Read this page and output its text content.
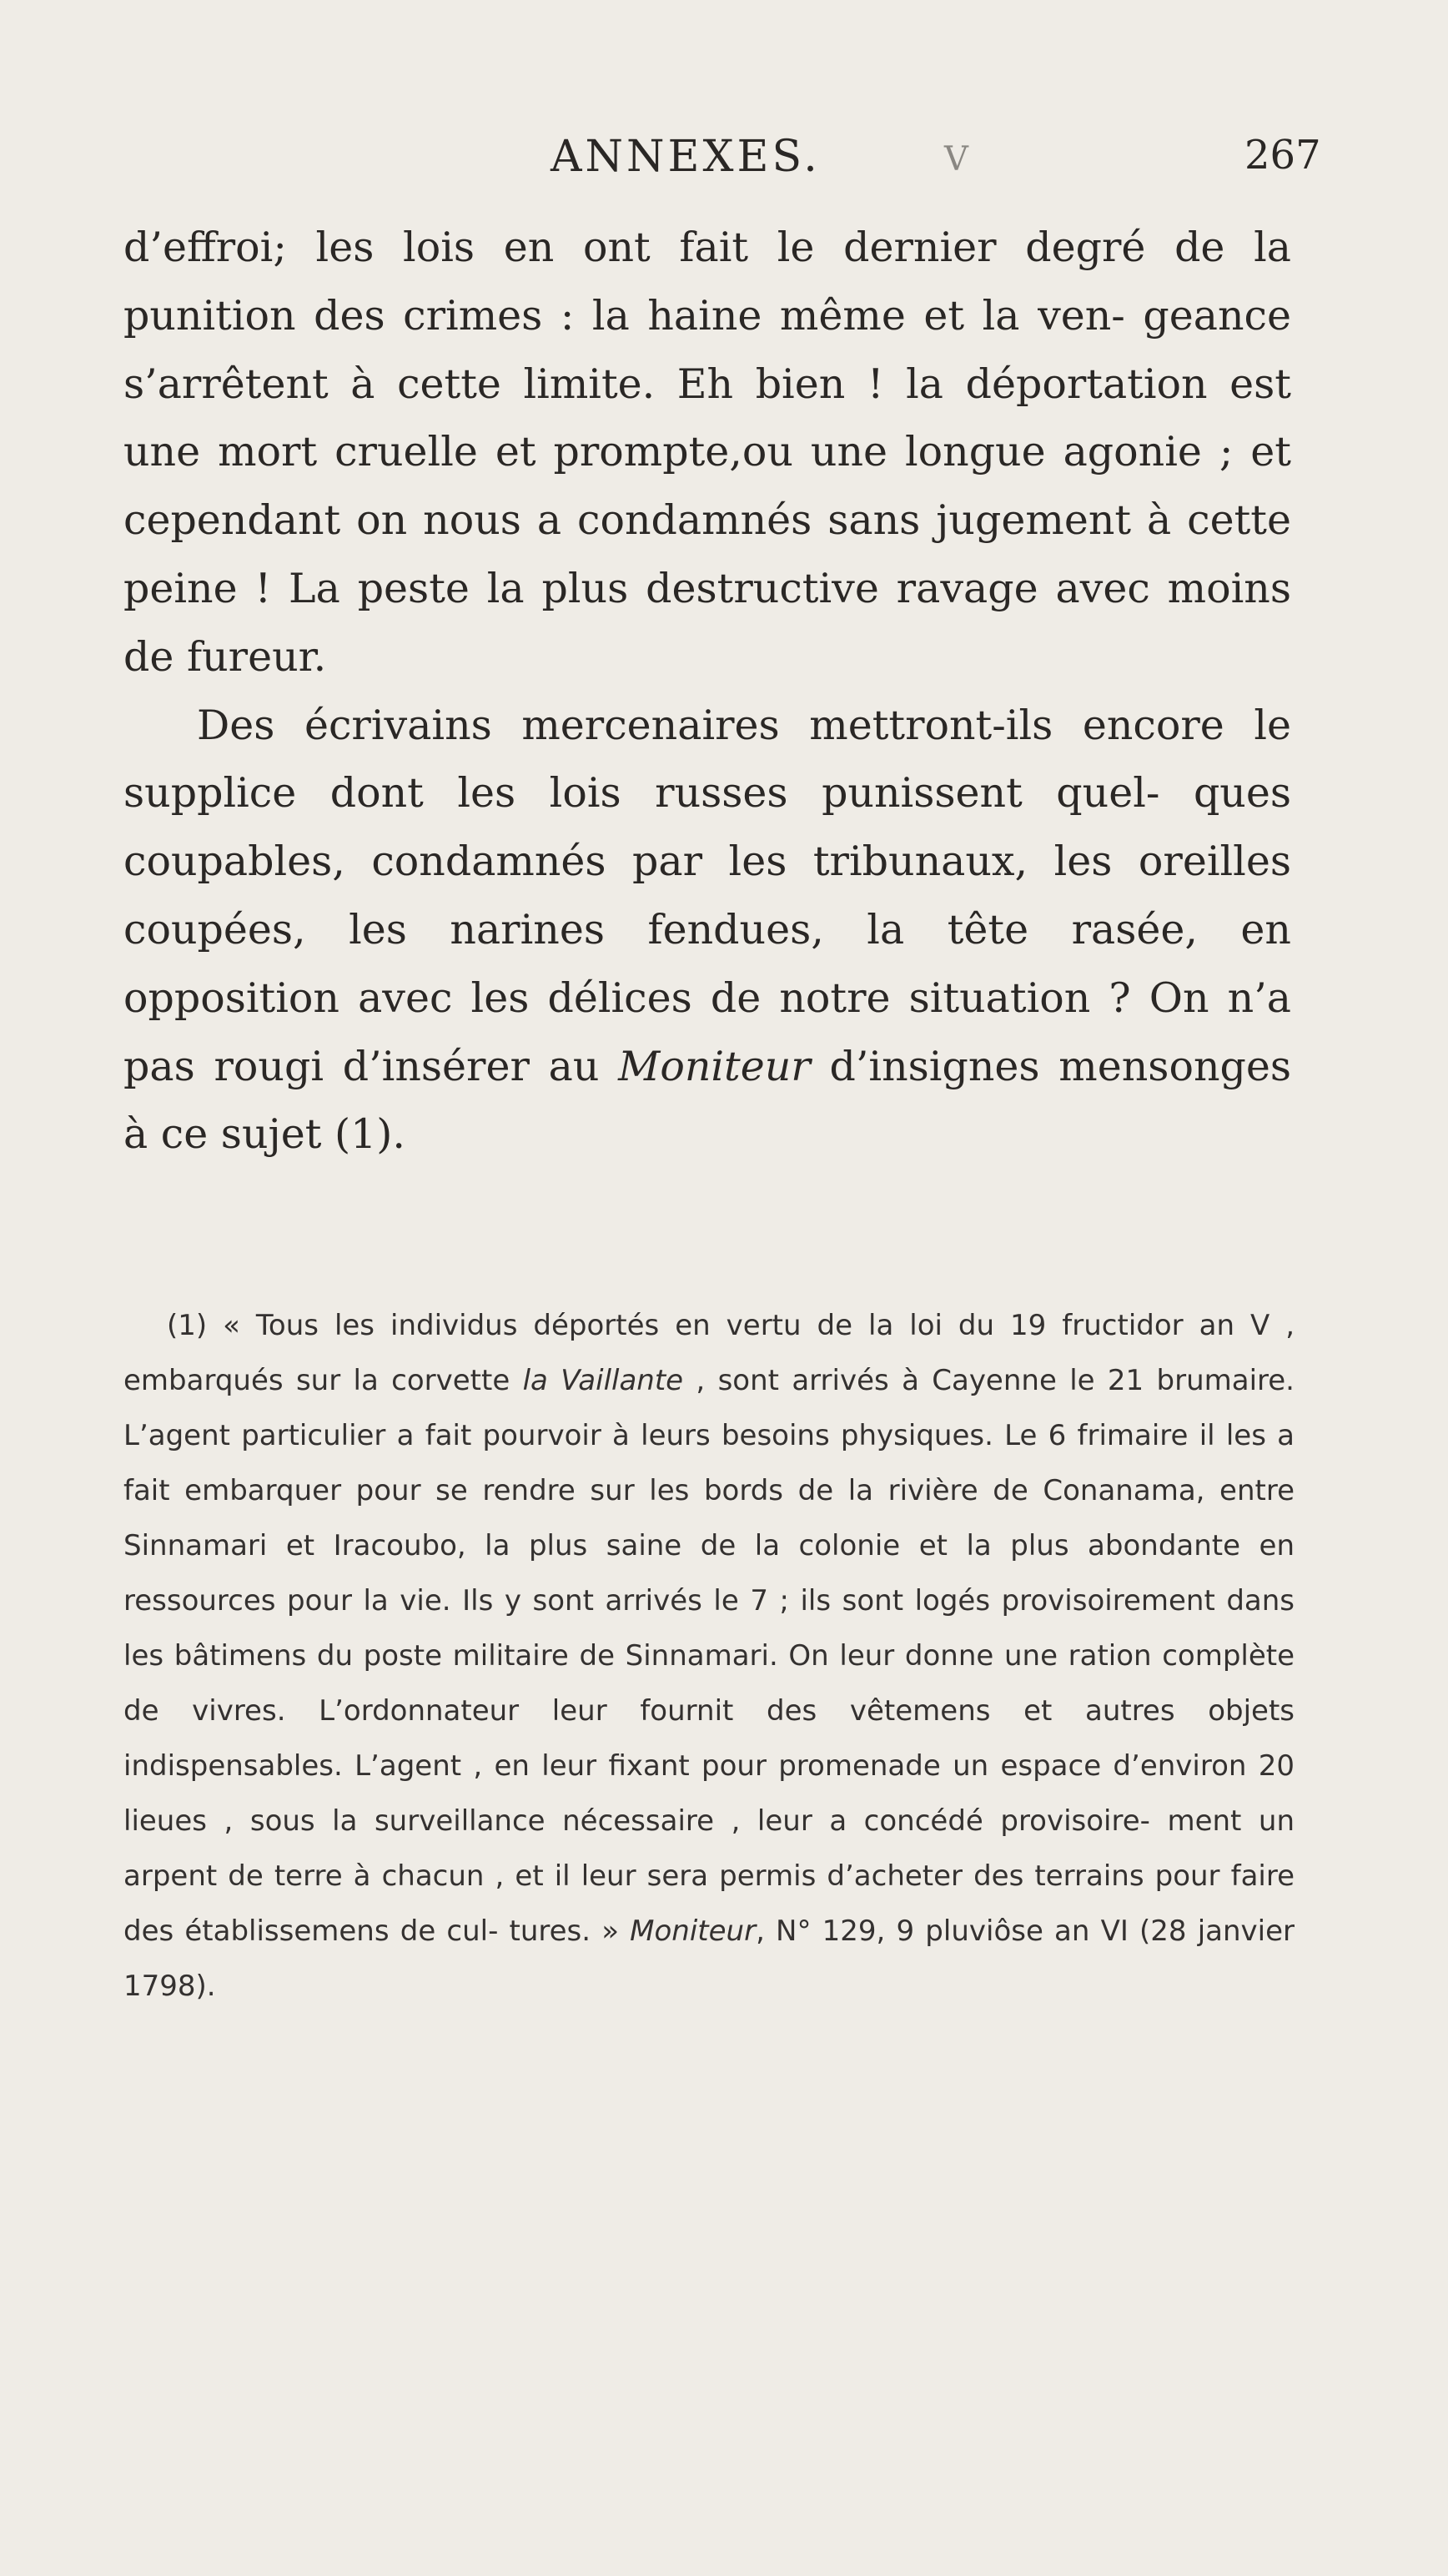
ANNEXES.	V	267

d’effroi; les lois en ont fait le dernier degré de la punition des crimes : la haine même et la ven- geance s’arrêtent à cette limite. Eh bien ! la déportation est une mort cruelle et prompte,ou une longue agonie ; et cependant on nous a condamnés sans jugement à cette peine ! La peste la plus destructive ravage avec moins de fureur.

Des écrivains mercenaires mettront-ils encore le supplice dont les lois russes punissent quel- ques coupables, condamnés par les tribunaux, les oreilles coupées, les narines fendues, la tête rasée, en opposition avec les délices de notre situation ? On n’a pas rougi d’insérer au Moniteur d’insignes mensonges à ce sujet (1).

(1) « Tous les individus déportés en vertu de la loi du 19 fructidor an V , embarqués sur la corvette la Vaillante , sont arrivés à Cayenne le 21 brumaire. L’agent particulier a fait pourvoir à leurs besoins physiques. Le 6 frimaire il les a fait embarquer pour se rendre sur les bords de la rivière de Conanama, entre Sinnamari et Iracoubo, la plus saine de la colonie et la plus abondante en ressources pour la vie. Ils y sont arrivés le 7 ; ils sont logés provisoirement dans les bâtimens du poste militaire de Sinnamari. On leur donne une ration complète de vivres. L’ordonnateur leur fournit des vêtemens et autres objets indispensables. L’agent , en leur fixant pour promenade un espace d’environ 20 lieues , sous la surveillance nécessaire , leur a concédé provisoire- ment un arpent de terre à chacun , et il leur sera permis d’acheter des terrains pour faire des établissemens de cul- tures. » Moniteur, N° 129, 9 pluviôse an VI (28 janvier 1798).
